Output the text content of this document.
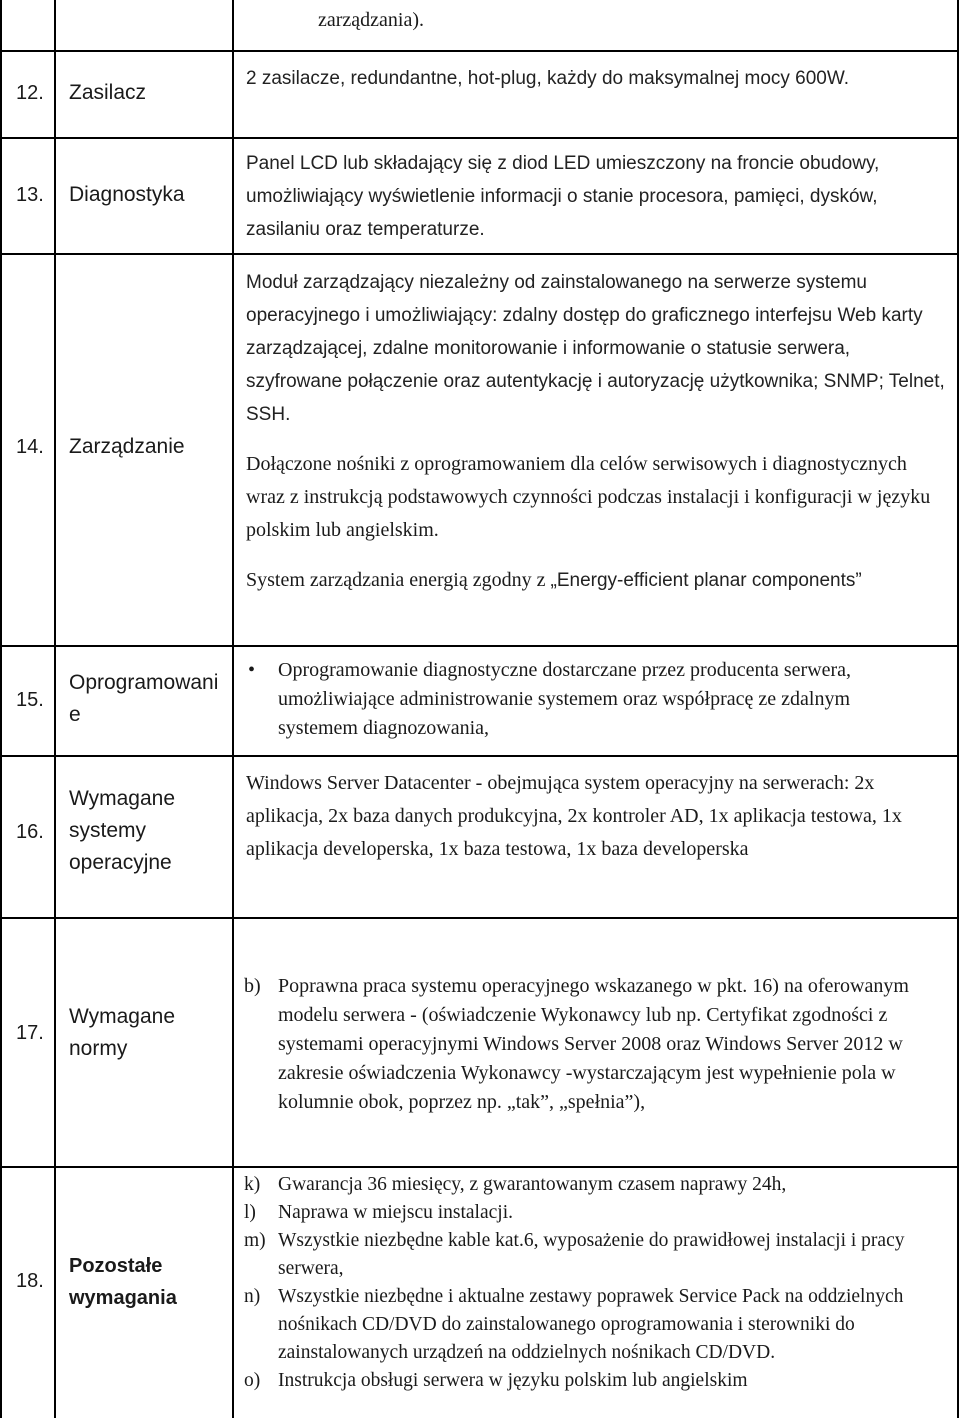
zarządzania).
12. Zasilacz
2 zasilacze, redundantne, hot-plug, każdy do maksymalnej mocy 600W.
13. Diagnostyka
Panel LCD lub składający się z diod LED umieszczony na froncie obudowy, umożliwiający wyświetlenie informacji o stanie procesora, pamięci, dysków, zasilaniu oraz temperaturze.
14. Zarządzanie

Moduł zarządzający niezależny od zainstalowanego na serwerze systemu operacyjnego i umożliwiający: zdalny dostęp do graficznego interfejsu Web karty zarządzającej, zdalne monitorowanie i informowanie o statusie serwera, szyfrowane połączenie oraz autentykację i autoryzację użytkownika; SNMP; Telnet, SSH.

Dołączone nośniki z oprogramowaniem dla celów serwisowych i diagnostycznych wraz z instrukcją podstawowych czynności podczas instalacji i konfiguracji w języku polskim lub angielskim.

System zarządzania energią zgodny z „Energy-efficient planar components”

15.
Oprogramowanie
• Oprogramowanie diagnostyczne dostarczane przez producenta serwera, umożliwiające administrowanie systemem oraz współpracę ze zdalnym systemem diagnozowania,
16.
Wymagane systemy operacyjne
Windows Server Datacenter - obejmująca system operacyjny na serwerach: 2x aplikacja, 2x baza danych produkcyjna, 2x kontroler AD, 1x aplikacja testowa, 1x aplikacja developerska, 1x baza testowa, 1x baza developerska
17.
Wymagane normy
b) Poprawna praca systemu operacyjnego wskazanego w pkt. 16) na oferowanym modelu serwera - (oświadczenie Wykonawcy lub np. Certyfikat zgodności z systemami operacyjnymi Windows Server 2008 oraz Windows Server 2012 w zakresie oświadczenia Wykonawcy -wystarczającym jest wypełnienie pola w kolumnie obok, poprzez np. „tak”, „spełnia”),
18.
Pozostałe wymagania
k) Gwarancja 36 miesięcy, z gwarantowanym czasem naprawy 24h,
l) Naprawa w miejscu instalacji.
m) Wszystkie niezbędne kable kat.6, wyposażenie do prawidłowej instalacji i pracy serwera,
n) Wszystkie niezbędne i aktualne zestawy poprawek Service Pack na oddzielnych nośnikach CD/DVD do zainstalowanego oprogramowania i sterowniki do zainstalowanych urządzeń na oddzielnych nośnikach CD/DVD.
o) Instrukcja obsługi serwera w języku polskim lub angielskim
